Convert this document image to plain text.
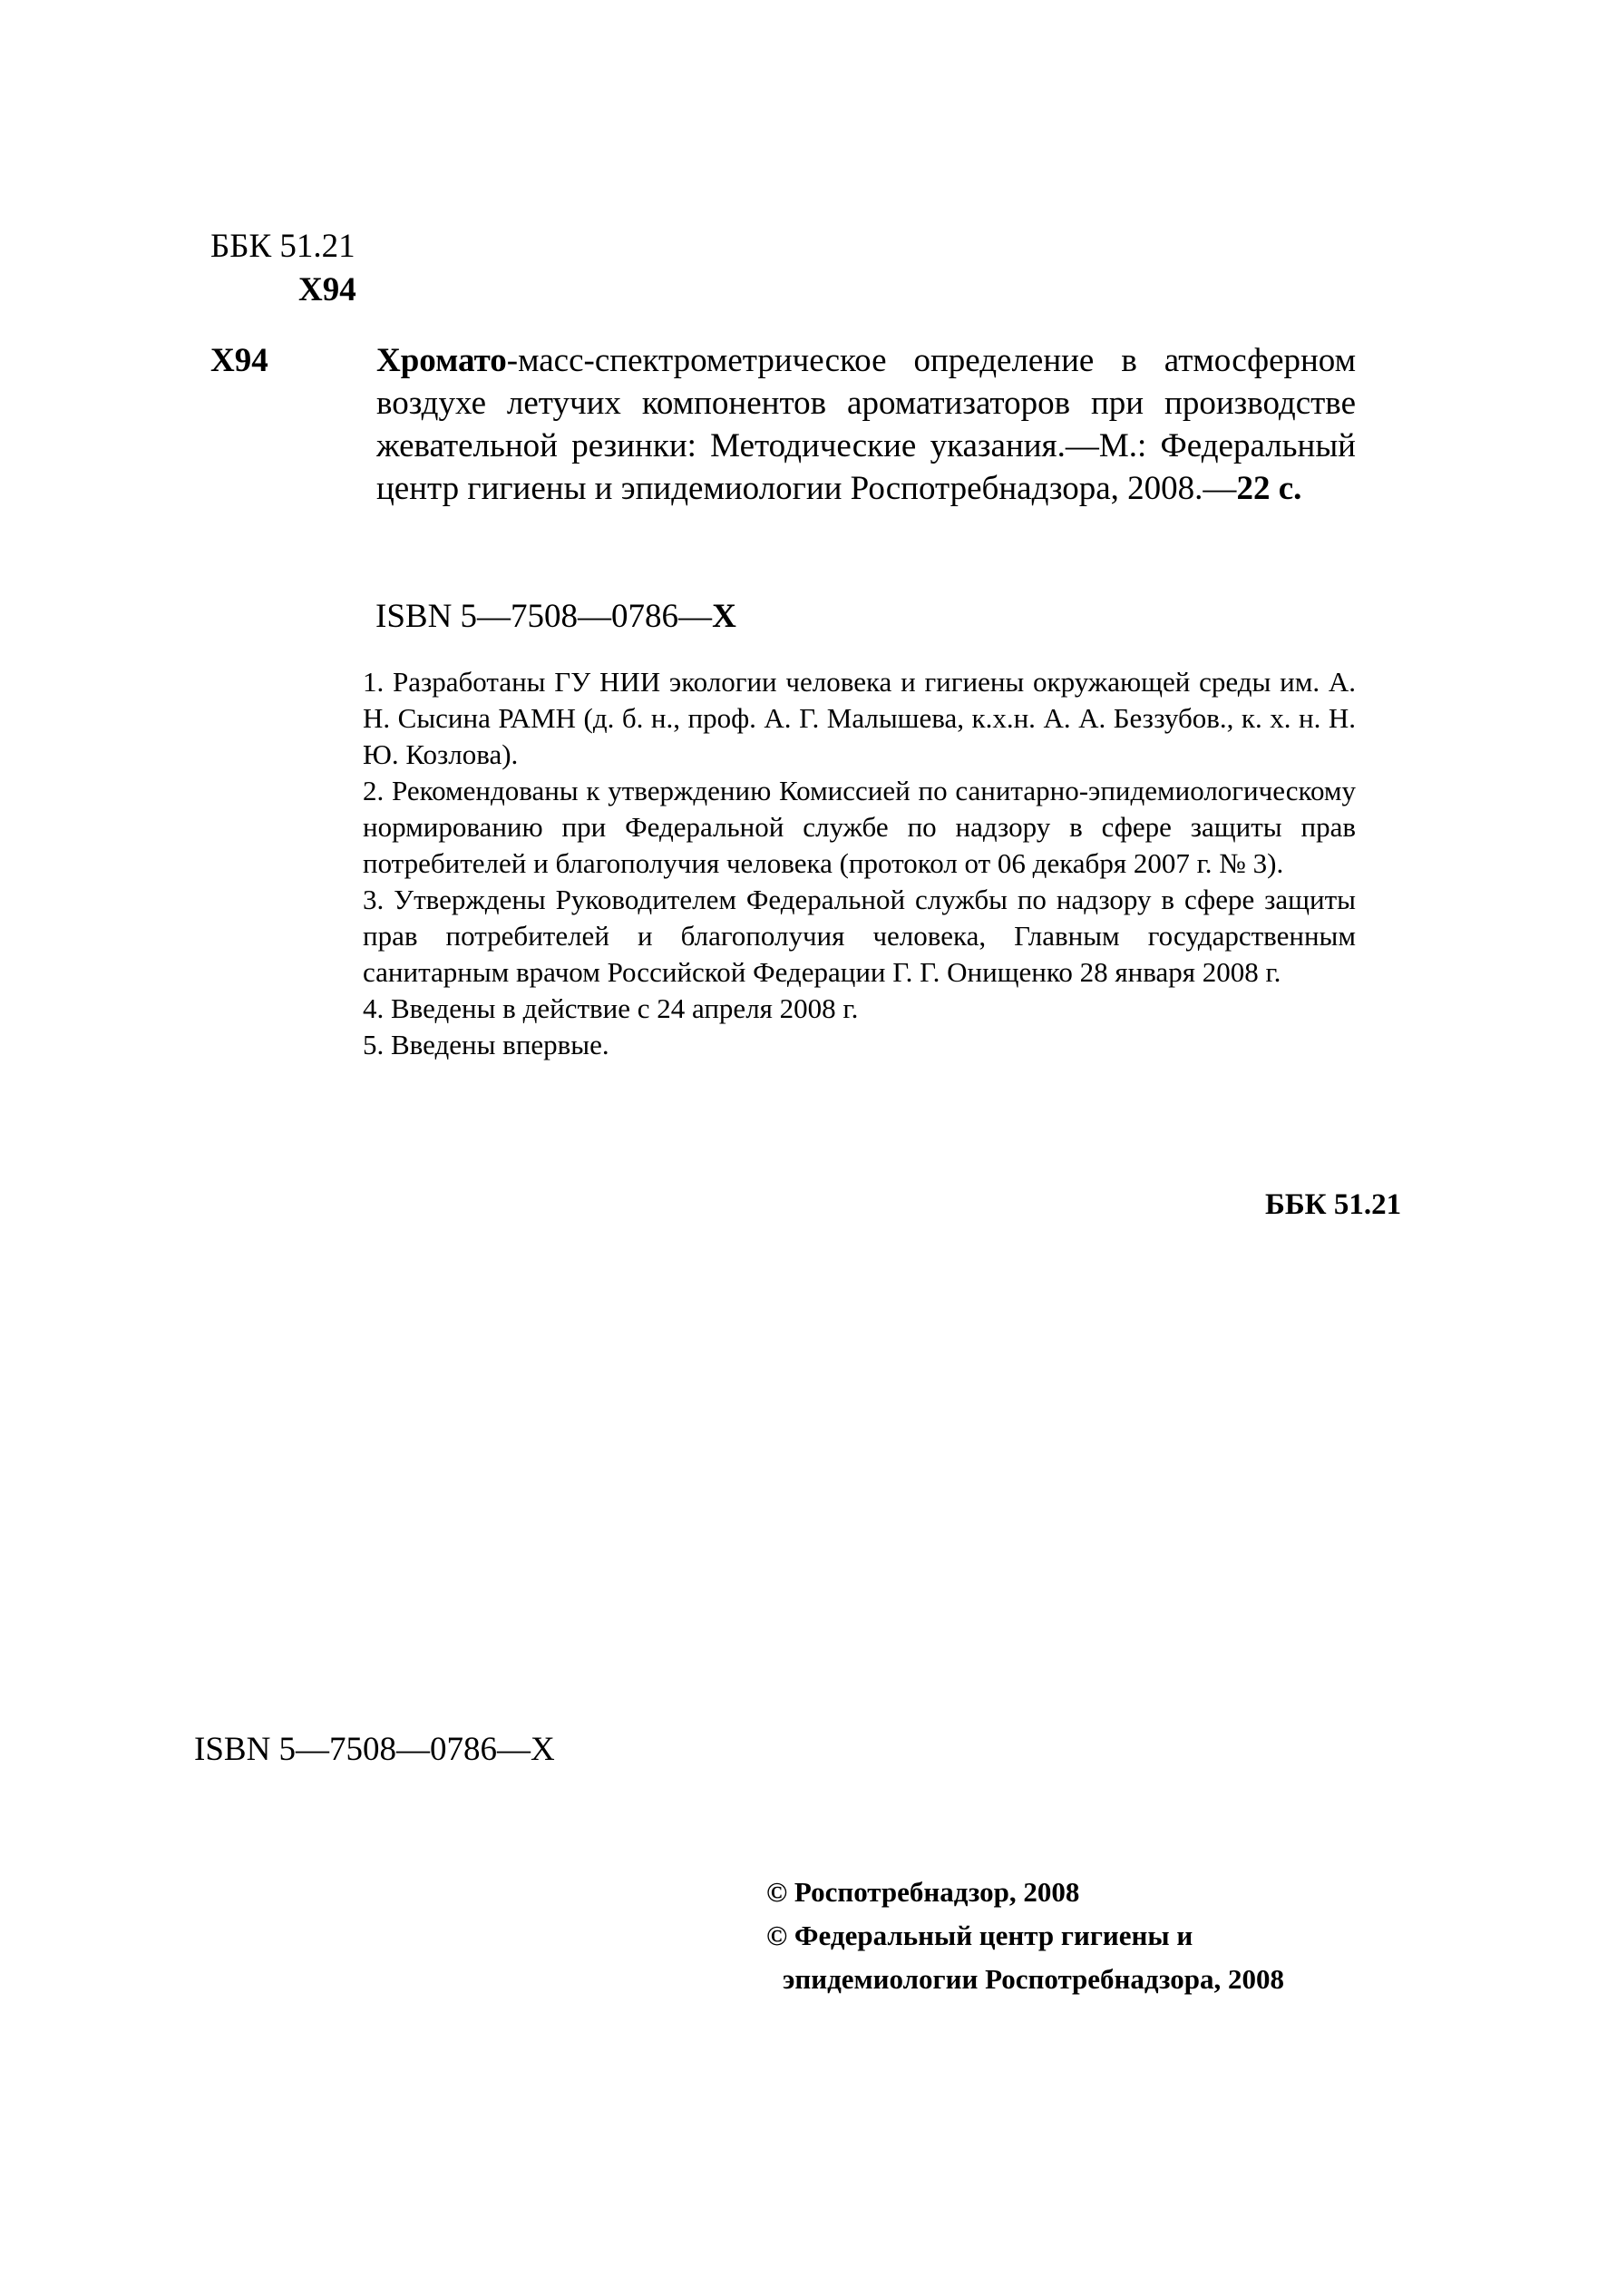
ББК 51.21
Х94
Х94	Хромато-масс-спектрометрическое определение в атмосферном воздухе летучих компонентов ароматизаторов при производстве жевательной резинки: Методические указания.—М.: Федеральный центр гигиены и эпидемиологии Роспотребнадзора, 2008.—22 с.

ISBN 5—7508—0786—X

1. Разработаны ГУ НИИ экологии человека и гигиены окружающей среды им. А. Н. Сысина РАМН (д. б. н., проф. А. Г. Малышева, к.х.н. А. А. Беззубов., к. х. н. Н. Ю. Козлова).

2. Рекомендованы к утверждению Комиссией по санитарно-эпидемиологическому нормированию при Федеральной службе по надзору в сфере защиты прав потребителей и благополучия человека (протокол от 06 декабря 2007 г. № 3).

3. Утверждены Руководителем Федеральной службы по надзору в сфере защиты прав потребителей и благополучия человека, Главным государственным санитарным врачом Российской Федерации Г. Г. Онищенко 28 января 2008 г.

4. Введены в действие с 24 апреля 2008 г.

5. Введены впервые.

ББК 51.21
ISBN 5—7508—0786—X
© Роспотребнадзор, 2008
© Федеральный центр гигиены и
эпидемиологии Роспотребнадзора, 2008
